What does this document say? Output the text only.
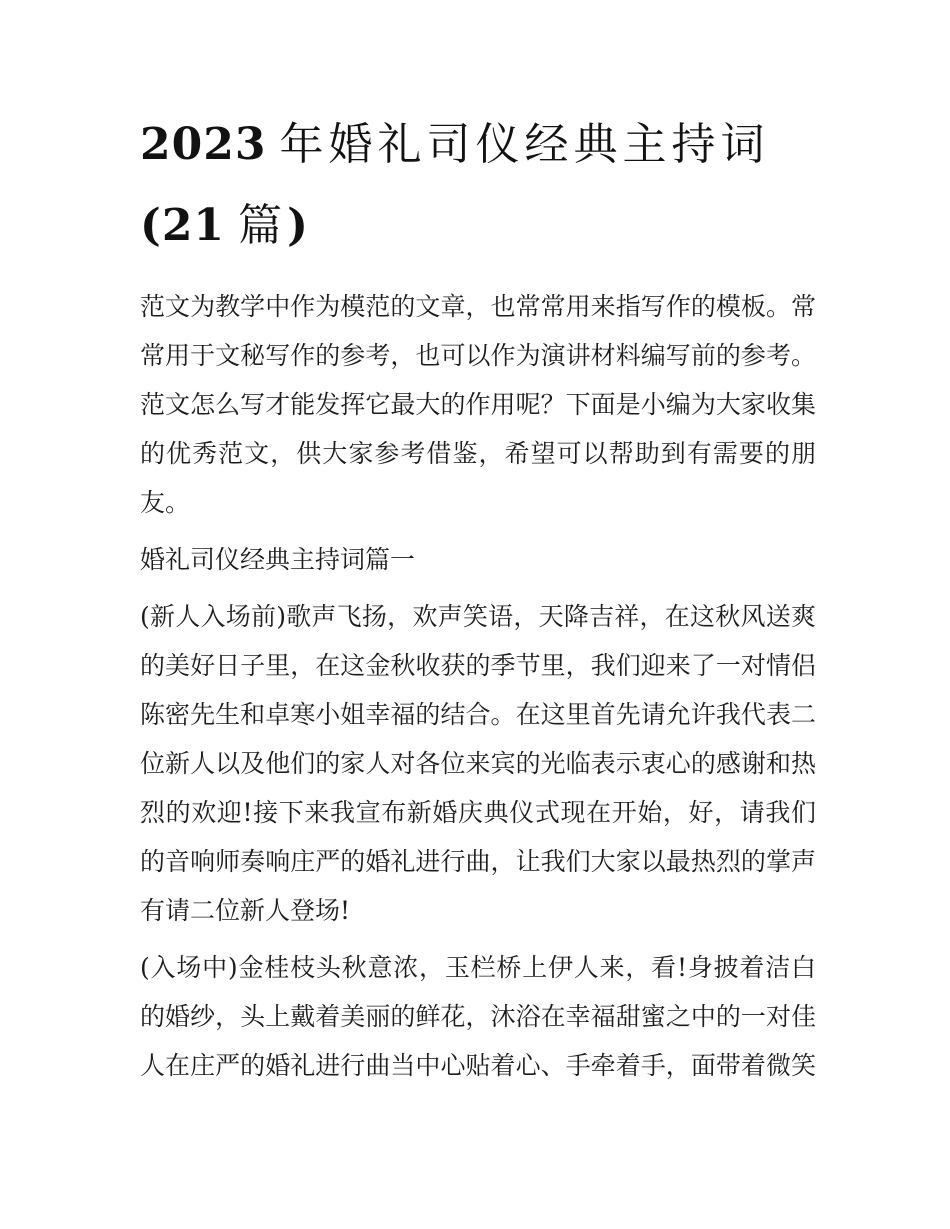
2023 年婚礼司仪经典主持词
(21 篇)
范文为教学中作为模范的文章，也常常用来指写作的模板。常
常用于文秘写作的参考，也可以作为演讲材料编写前的参考。
范文怎么写才能发挥它最大的作用呢？下面是小编为大家收集
的优秀范文，供大家参考借鉴，希望可以帮助到有需要的朋
友。
婚礼司仪经典主持词篇一
(新人入场前)歌声飞扬，欢声笑语，天降吉祥，在这秋风送爽
的美好日子里，在这金秋收获的季节里，我们迎来了一对情侣
陈密先生和卓寒小姐幸福的结合。在这里首先请允许我代表二
位新人以及他们的家人对各位来宾的光临表示衷心的感谢和热
烈的欢迎!接下来我宣布新婚庆典仪式现在开始，好，请我们
的音响师奏响庄严的婚礼进行曲，让我们大家以最热烈的掌声
有请二位新人登场!
(入场中)金桂枝头秋意浓，玉栏桥上伊人来，看!身披着洁白
的婚纱，头上戴着美丽的鲜花，沐浴在幸福甜蜜之中的一对佳
人在庄严的婚礼进行曲当中心贴着心、手牵着手，面带着微笑
